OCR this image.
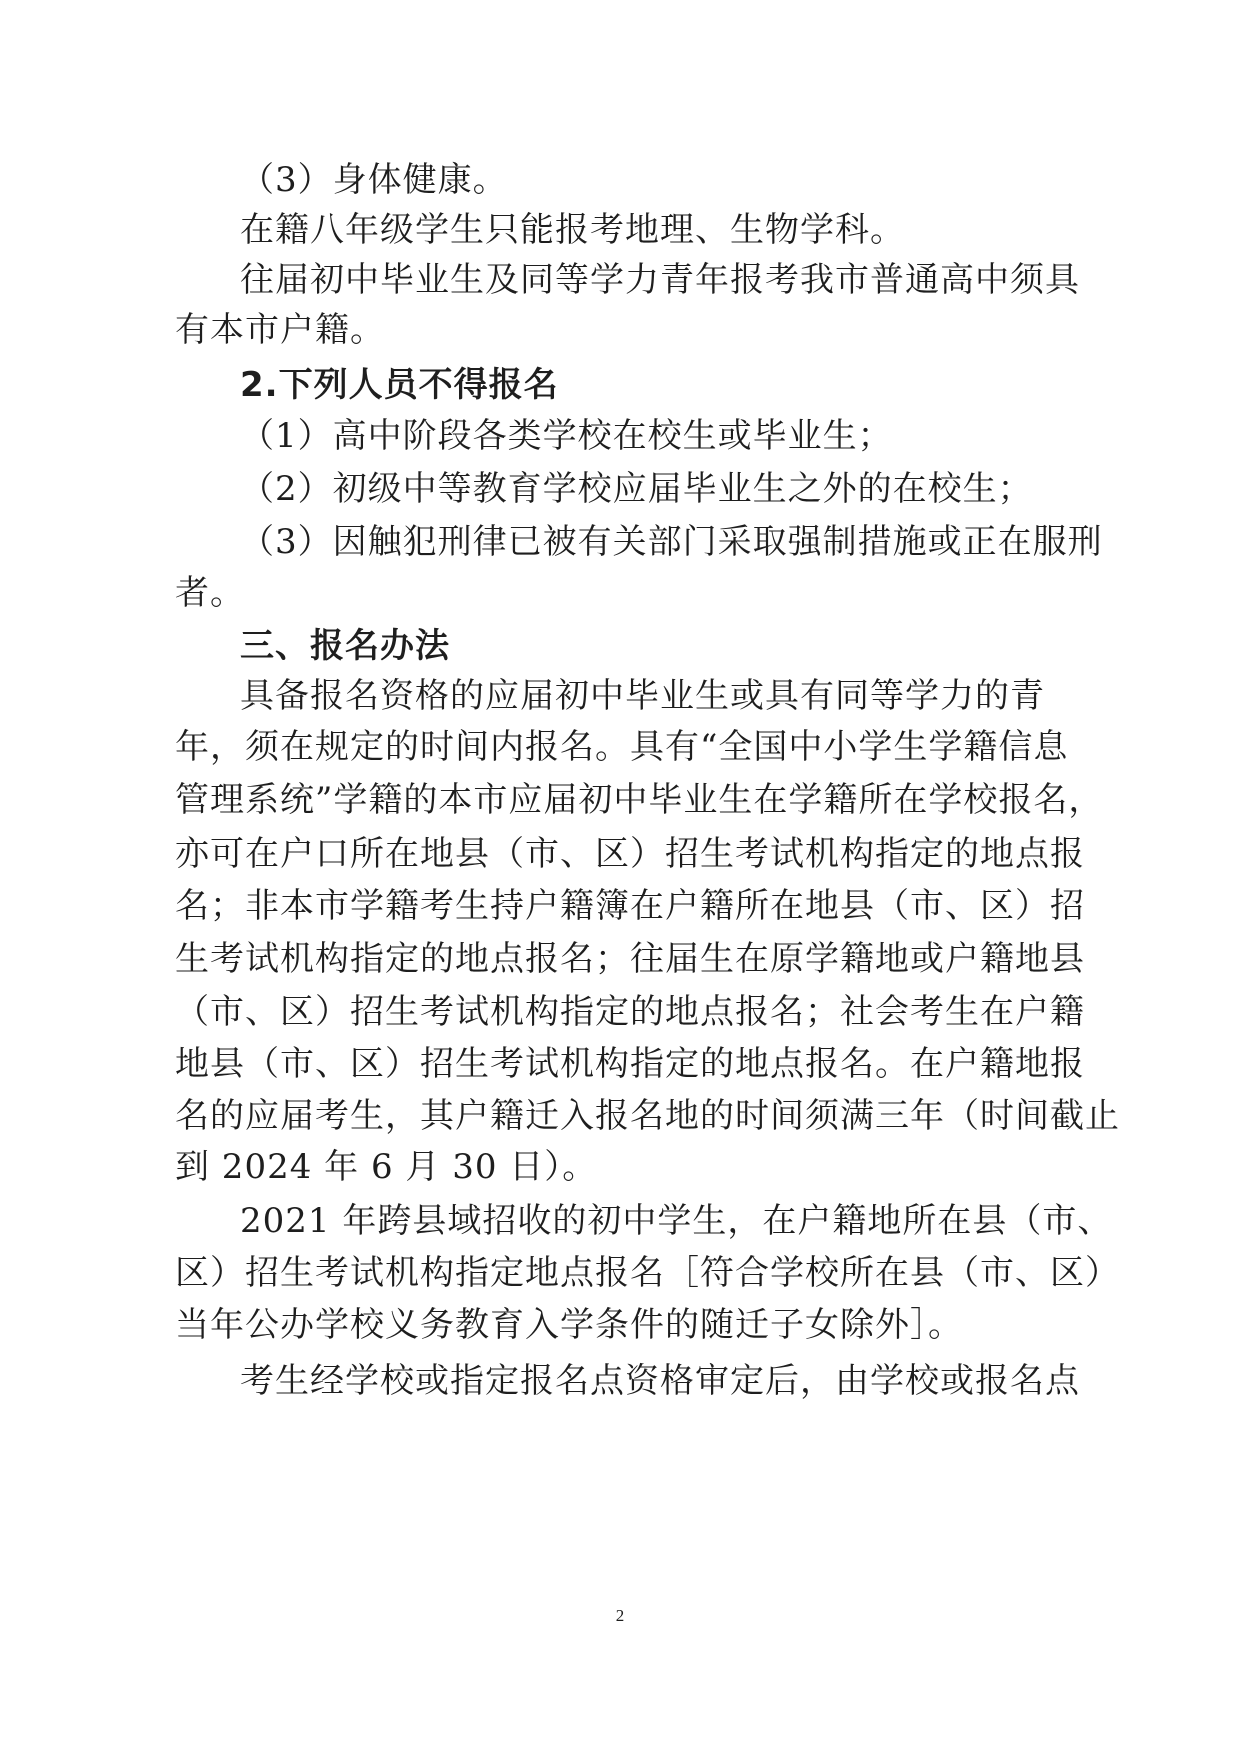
（3）身体健康。

在籍八年级学生只能报考地理、生物学科。

往届初中毕业生及同等学力青年报考我市普通高中须具

有本市户籍。

2.下列人员不得报名

（1）高中阶段各类学校在校生或毕业生；

（2）初级中等教育学校应届毕业生之外的在校生；

（3）因触犯刑律已被有关部门采取强制措施或正在服刑

者。

三、报名办法

具备报名资格的应届初中毕业生或具有同等学力的青

年，须在规定的时间内报名。具有“全国中小学生学籍信息

管理系统”学籍的本市应届初中毕业生在学籍所在学校报名，

亦可在户口所在地县（市、区）招生考试机构指定的地点报

名；非本市学籍考生持户籍簿在户籍所在地县（市、区）招

生考试机构指定的地点报名；往届生在原学籍地或户籍地县

（市、区）招生考试机构指定的地点报名；社会考生在户籍

地县（市、区）招生考试机构指定的地点报名。在户籍地报

名的应届考生，其户籍迁入报名地的时间须满三年（时间截止

到 2024 年 6 月 30 日）。

2021 年跨县域招收的初中学生，在户籍地所在县（市、

区）招生考试机构指定地点报名［符合学校所在县（市、区）

当年公办学校义务教育入学条件的随迁子女除外］。

考生经学校或指定报名点资格审定后，由学校或报名点

2
